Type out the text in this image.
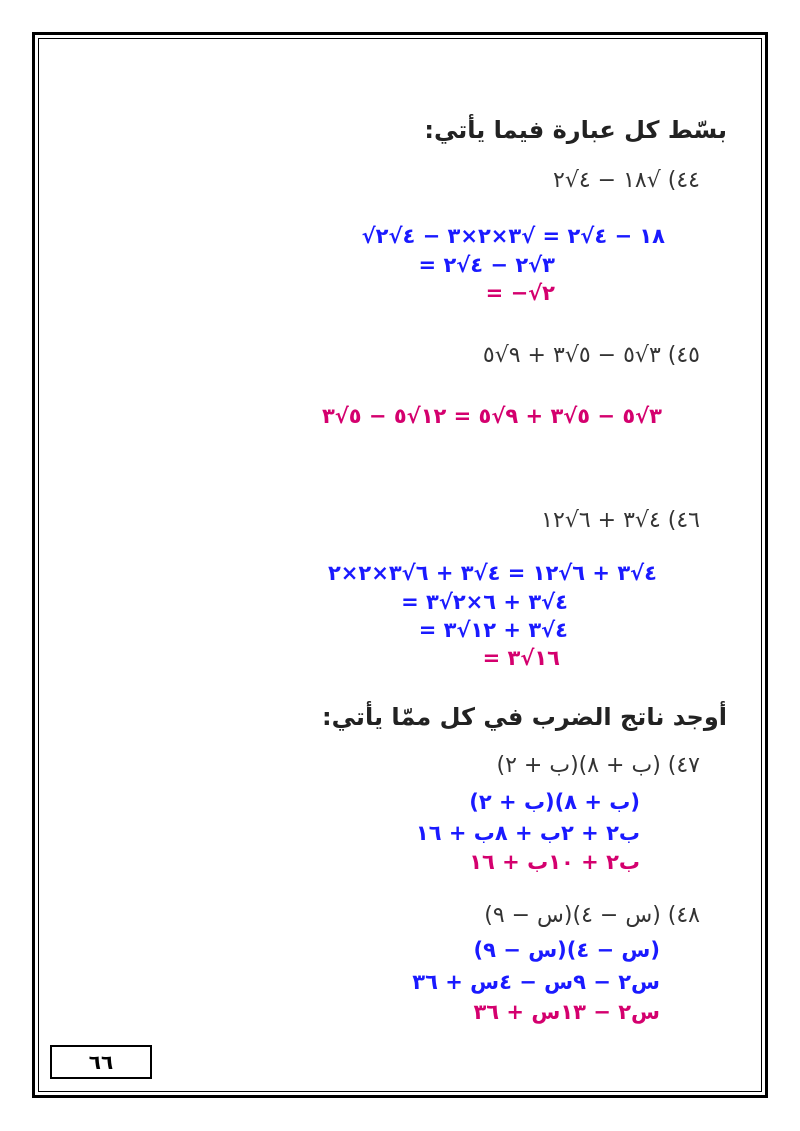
بسّط كل عبارة فيما يأتي:
٤٤) √١٨ − ٤√٢
√١٨ − ٤√٢ = √٣×٢×٣ − ٤√٢
= ٣√٢ − ٤√٢
= −√٢
٤٥) ٣√٥ − ٥√٣ + ٩√٥
٣√٥ − ٥√٣ + ٩√٥ = ١٢√٥ − ٥√٣
٤٦) ٤√٣ + ٦√١٢
٤√٣ + ٦√١٢ = ٤√٣ + ٦√٣×٢×٢
= ٤√٣ + ٦×٢√٣
= ٤√٣ + ١٢√٣
= ١٦√٣
أوجد ناتج الضرب في كل ممّا يأتي:
٤٧) (ب + ٨)(ب + ٢)
(ب + ٨)(ب + ٢)
ب٢ + ٢ب + ٨ب + ١٦
ب٢ + ١٠ب + ١٦
٤٨) (س − ٤)(س − ٩)
(س − ٤)(س − ٩)
س٢ − ٩س − ٤س + ٣٦
س٢ − ١٣س + ٣٦
٦٦
